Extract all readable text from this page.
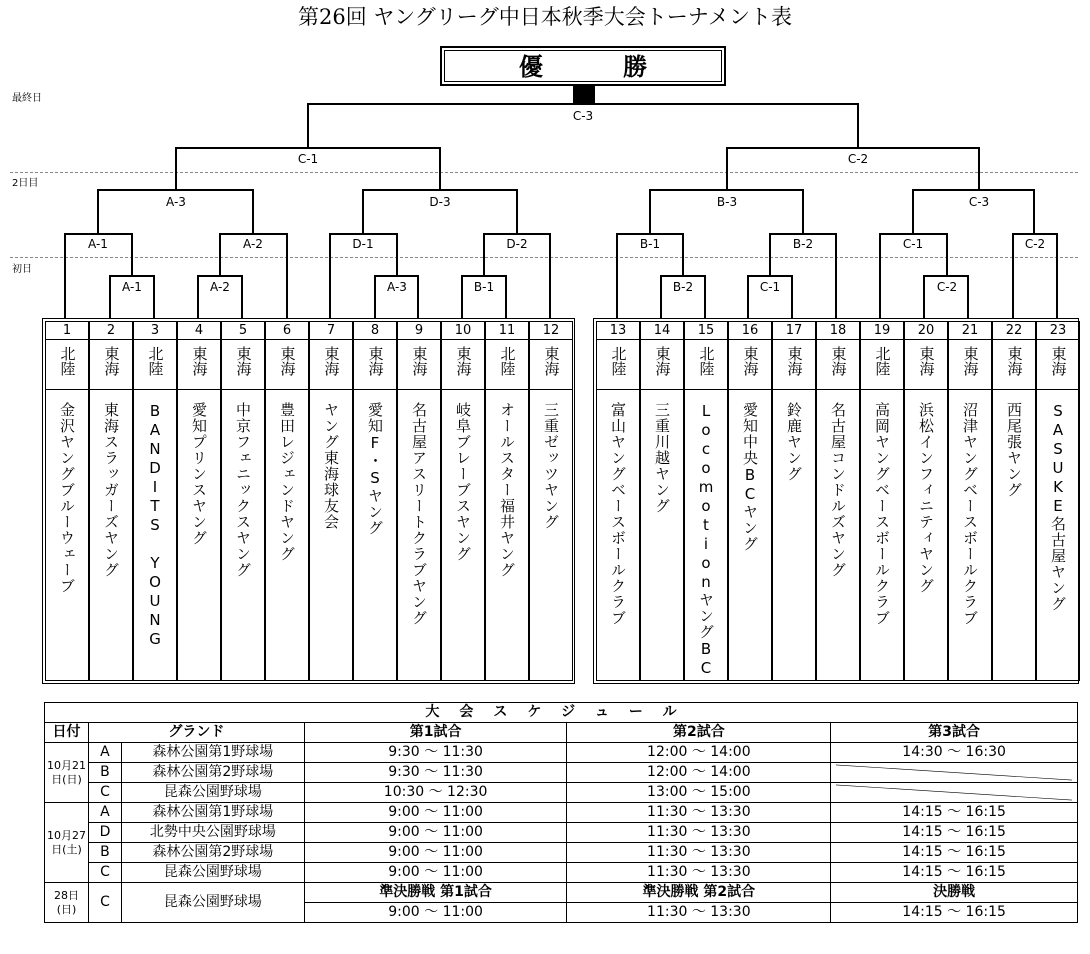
第26回 ヤングリーグ中日本秋季大会トーナメント表
優 勝
最終日
2日目
初日
C-3
C-1	C-2
A-3	D-3	B-3	C-3
A-1	A-2	D-1	D-2	B-1	B-2	C-1	C-2
A-1	A-2	A-3	B-1	B-2	C-1	C-2
1
北陸
金沢ヤングブルーウェーブ
2
東海
東海スラッガーズヤング
3
北陸
BANDITS YOUNG
4
東海
愛知プリンスヤング
5
東海
中京フェニックスヤング
6
東海
豊田レジェンドヤング
7
東海
ヤング東海球友会
8
東海
愛知F・Sヤング
9
東海
名古屋アスリートクラブヤング
10
東海
岐阜ブレーブスヤング
11
北陸
オールスター福井ヤング
12
東海
三重ゼッツヤング
13
北陸
富山ヤングベースボールクラブ
14
東海
三重川越ヤング
15
北陸
LocomotionヤングBC
16
東海
愛知中央BCヤング
17
東海
鈴鹿ヤング
18
東海
名古屋コンドルズヤング
19
北陸
高岡ヤングベースボールクラブ
20
東海
浜松インフィニティヤング
21
東海
沼津ヤングベースボールクラブ
22
東海
西尾張ヤング
23
東海
SASUKE名古屋ヤング
大会スケジュール					
日付	グランド		第1試合	第2試合	第3試合
10月21日(日)	A	森林公園第1野球場	9:30 ～ 11:30	12:00 ～ 14:00	14:30 ～ 16:30
	B	森林公園第2野球場	9:30 ～ 11:30	12:00 ～ 14:00	

	C	昆森公園野球場	10:30 ～ 12:30	13:00 ～ 15:00	

10月27日(土)	A	森林公園第1野球場	9:00 ～ 11:00	11:30 ～ 13:30	14:15 ～ 16:15
	D	北勢中央公園野球場	9:00 ～ 11:00	11:30 ～ 13:30	14:15 ～ 16:15
	B	森林公園第2野球場	9:00 ～ 11:00	11:30 ～ 13:30	14:15 ～ 16:15
	C	昆森公園野球場	9:00 ～ 11:00	11:30 ～ 13:30	14:15 ～ 16:15
28日(日)	C	昆森公園野球場	準決勝戦 第1試合	準決勝戦 第2試合	決勝戦
			9:00 ～ 11:00	11:30 ～ 13:30	14:15 ～ 16:15
